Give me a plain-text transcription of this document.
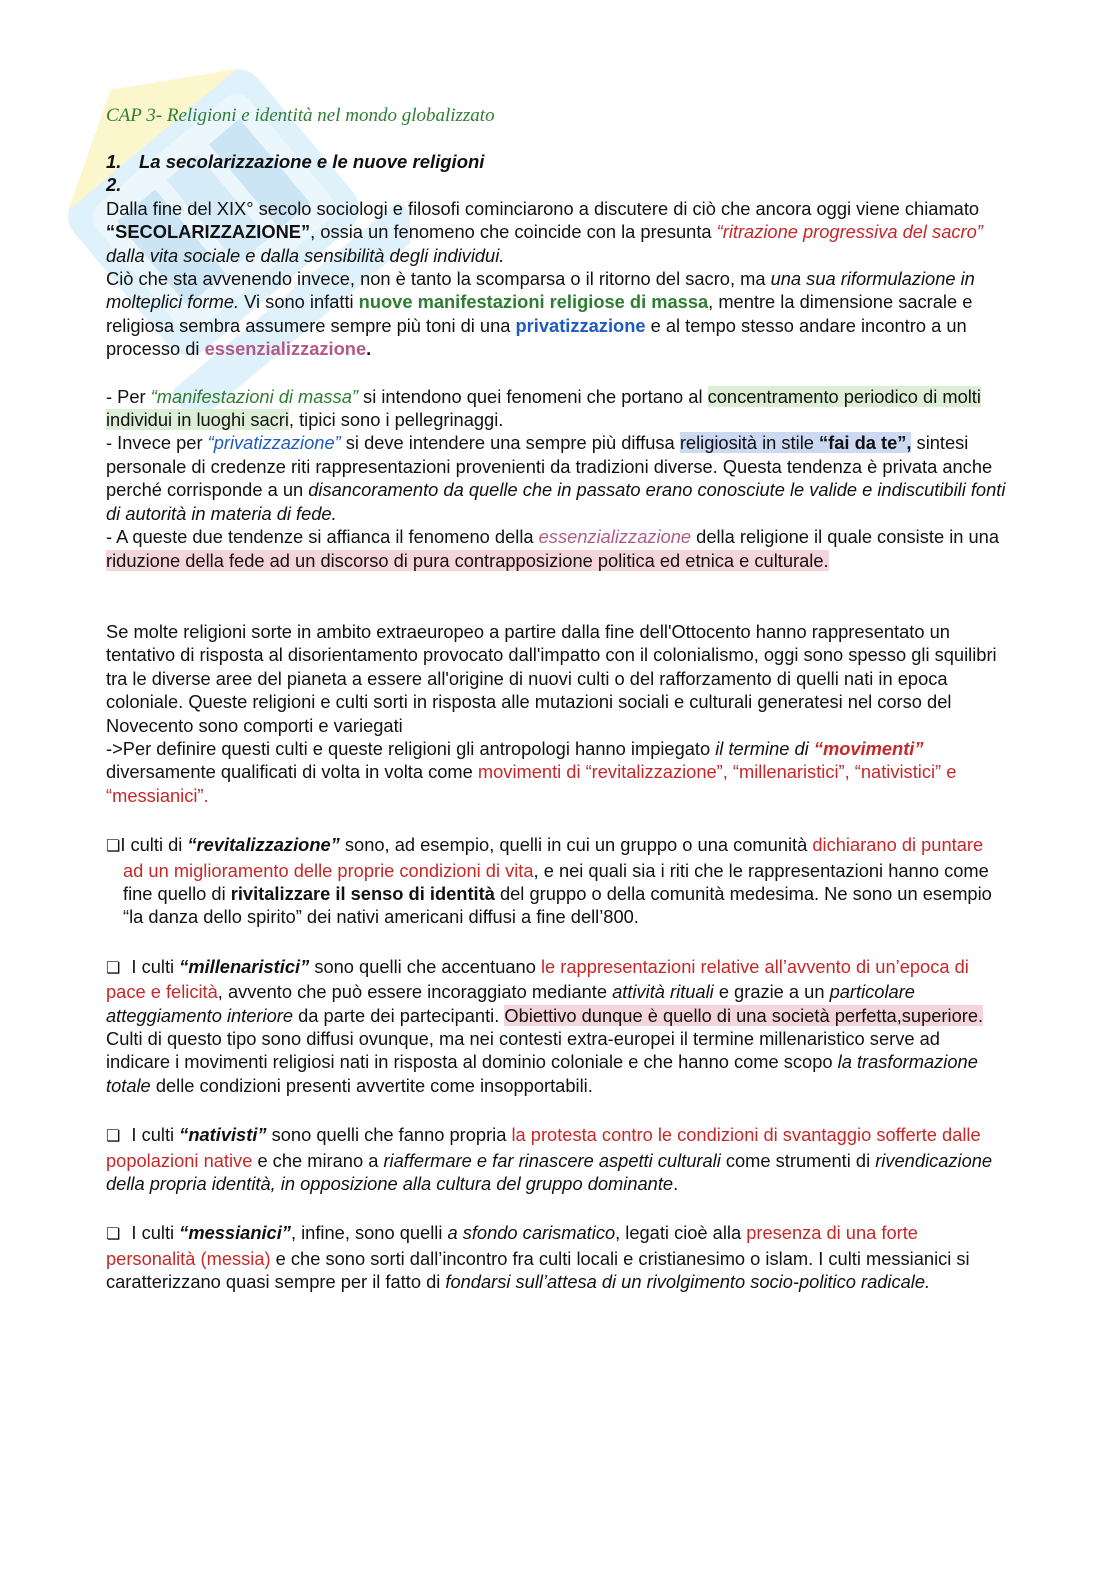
CAP 3- Religioni e identità nel mondo globalizzato

1. La secolarizzazione e le nuove religioni

2.

Dalla fine del XIX° secolo sociologi e filosofi cominciarono a discutere di ciò che ancora oggi viene chiamato “SECOLARIZZAZIONE”, ossia un fenomeno che coincide con la presunta “ritrazione progressiva del sacro” dalla vita sociale e dalla sensibilità degli individui.

Ciò che sta avvenendo invece, non è tanto la scomparsa o il ritorno del sacro, ma una sua riformulazione in molteplici forme. Vi sono infatti nuove manifestazioni religiose di massa, mentre la dimensione sacrale e religiosa sembra assumere sempre più toni di una privatizzazione e al tempo stesso andare incontro a un processo di essenzializzazione.

- Per “manifestazioni di massa” si intendono quei fenomeni che portano al concentramento periodico di molti individui in luoghi sacri, tipici sono i pellegrinaggi.

- Invece per “privatizzazione” si deve intendere una sempre più diffusa religiosità in stile “fai da te”, sintesi personale di credenze riti rappresentazioni provenienti da tradizioni diverse. Questa tendenza è privata anche perché corrisponde a un disancoramento da quelle che in passato erano conosciute le valide e indiscutibili fonti di autorità in materia di fede.

- A queste due tendenze si affianca il fenomeno della essenzializzazione della religione il quale consiste in una riduzione della fede ad un discorso di pura contrapposizione politica ed etnica e culturale.

Se molte religioni sorte in ambito extraeuropeo a partire dalla fine dell'Ottocento hanno rappresentato un tentativo di risposta al disorientamento provocato dall'impatto con il colonialismo, oggi sono spesso gli squilibri tra le diverse aree del pianeta a essere all'origine di nuovi culti o del rafforzamento di quelli nati in epoca coloniale. Queste religioni e culti sorti in risposta alle mutazioni sociali e culturali generatesi nel corso del Novecento sono comporti e variegati

->Per definire questi culti e queste religioni gli antropologi hanno impiegato il termine di “movimenti” diversamente qualificati di volta in volta come movimenti di “revitalizzazione”, “millenaristici”, “nativistici” e “messianici”.

❏I culti di “revitalizzazione” sono, ad esempio, quelli in cui un gruppo o una comunità dichiarano di puntare ad un miglioramento delle proprie condizioni di vita, e nei quali sia i riti che le rappresentazioni hanno come fine quello di rivitalizzare il senso di identità del gruppo o della comunità medesima. Ne sono un esempio “la danza dello spirito” dei nativi americani diffusi a fine dell’800.

❏ I culti “millenaristici” sono quelli che accentuano le rappresentazioni relative all’avvento di un’epoca di pace e felicità, avvento che può essere incoraggiato mediante attività rituali e grazie a un particolare atteggiamento interiore da parte dei partecipanti. Obiettivo dunque è quello di una società perfetta,superiore. Culti di questo tipo sono diffusi ovunque, ma nei contesti extra-europei il termine millenaristico serve ad indicare i movimenti religiosi nati in risposta al dominio coloniale e che hanno come scopo la trasformazione totale delle condizioni presenti avvertite come insopportabili.

❏ I culti “nativisti” sono quelli che fanno propria la protesta contro le condizioni di svantaggio sofferte dalle popolazioni native e che mirano a riaffermare e far rinascere aspetti culturali come strumenti di rivendicazione della propria identità, in opposizione alla cultura del gruppo dominante.

❏ I culti “messianici”, infine, sono quelli a sfondo carismatico, legati cioè alla presenza di una forte personalità (messia) e che sono sorti dall’incontro fra culti locali e cristianesimo o islam. I culti messianici si caratterizzano quasi sempre per il fatto di fondarsi sull’attesa di un rivolgimento socio-politico radicale.
